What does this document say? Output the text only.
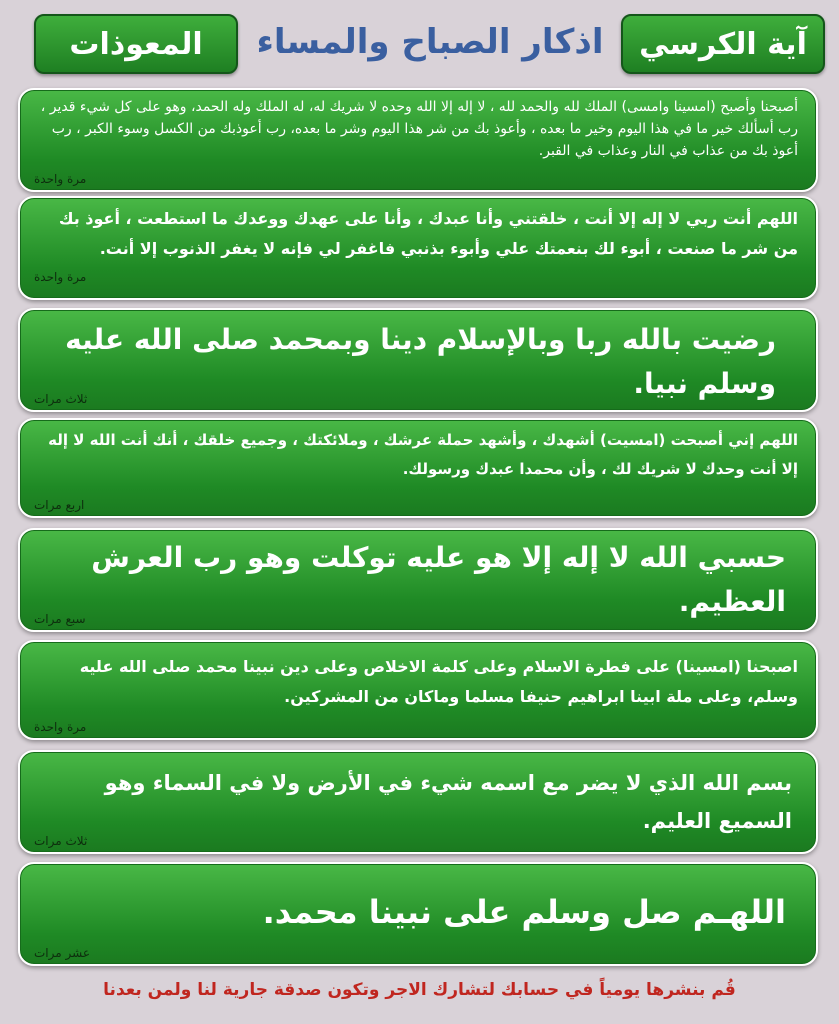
آية الكرسي
اذكار الصباح والمساء
المعوذات
أصبحنا وأصبح (امسينا وامسى) الملك لله والحمد لله ، لا إله إلا الله وحده لا شريك له، له الملك وله الحمد، وهو على كل شيء قدير ، رب أسألك خير ما في هذا اليوم وخير ما بعده ، وأعوذ بك من شر هذا اليوم وشر ما بعده، رب أعوذبك من الكسل وسوء الكبر ، رب أعوذ بك من عذاب في النار وعذاب في القبر.
مرة واحدة
اللهم أنت ربي لا إله إلا أنت ، خلقتني وأنا عبدك ، وأنا على عهدك ووعدك ما استطعت ، أعوذ بك من شر ما صنعت ، أبوء لك بنعمتك علي وأبوء بذنبي فاغفر لي فإنه لا يغفر الذنوب إلا أنت.
مرة واحدة
رضيت بالله ربا وبالإسلام دينا وبمحمد صلى الله عليه وسلم نبيا.
ثلاث مرات
اللهم إني أصبحت (امسيت) أشهدك ، وأشهد حملة عرشك ، وملائكتك ، وجميع خلقك ، أنك أنت الله لا إله إلا أنت وحدك لا شريك لك ، وأن محمدا عبدك ورسولك.
اربع مرات
حسبي الله لا إله إلا هو عليه توكلت وهو رب العرش العظيم.
سبع مرات
اصبحنا (امسينا) على فطرة الاسلام وعلى كلمة الاخلاص وعلى دين نبينا محمد صلى الله عليه وسلم، وعلى ملة ابينا ابراهيم حنيفا مسلما وماكان من المشركين.
مرة واحدة
بسم الله الذي لا يضر مع اسمه شيء في الأرض ولا في السماء وهو السميع العليم.
ثلاث مرات
اللهـم صل وسلم على نبينا محمد.
عشر مرات
قُم بنشرها يومياً في حسابك لتشارك الاجر وتكون صدقة جارية لنا ولمن بعدنا
